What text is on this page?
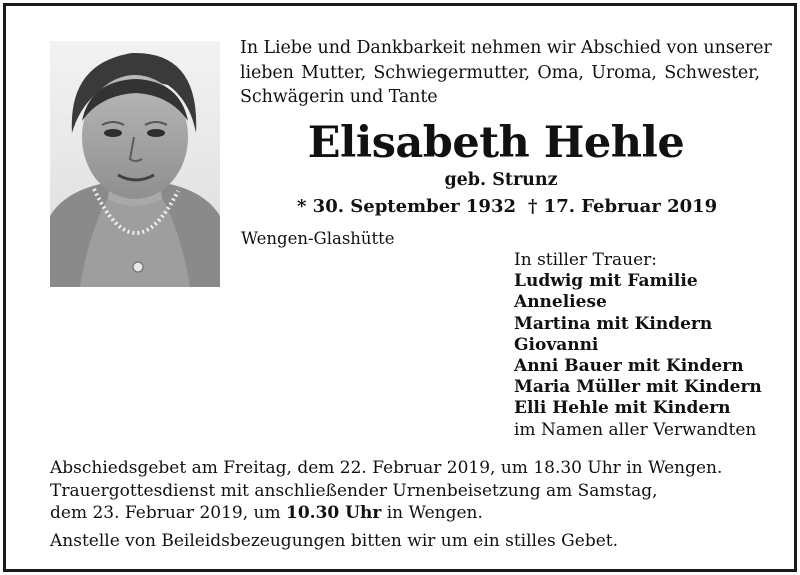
In Liebe und Dankbarkeit nehmen wir Abschied von unserer
lieben Mutter, Schwiegermutter, Oma, Uroma, Schwester,
Schwägerin und Tante
Elisabeth Hehle
geb. Strunz
* 30. September 1932 † 17. Februar 2019
Wengen-Glashütte
In stiller Trauer:
Ludwig mit Familie
Anneliese
Martina mit Kindern
Giovanni
Anni Bauer mit Kindern
Maria Müller mit Kindern
Elli Hehle mit Kindern
im Namen aller Verwandten
Abschiedsgebet am Freitag, dem 22. Februar 2019, um 18.30 Uhr in Wengen.
Trauergottesdienst mit anschließender Urnenbeisetzung am Samstag,
dem 23. Februar 2019, um 10.30 Uhr in Wengen.
Anstelle von Beileidsbezeugungen bitten wir um ein stilles Gebet.
